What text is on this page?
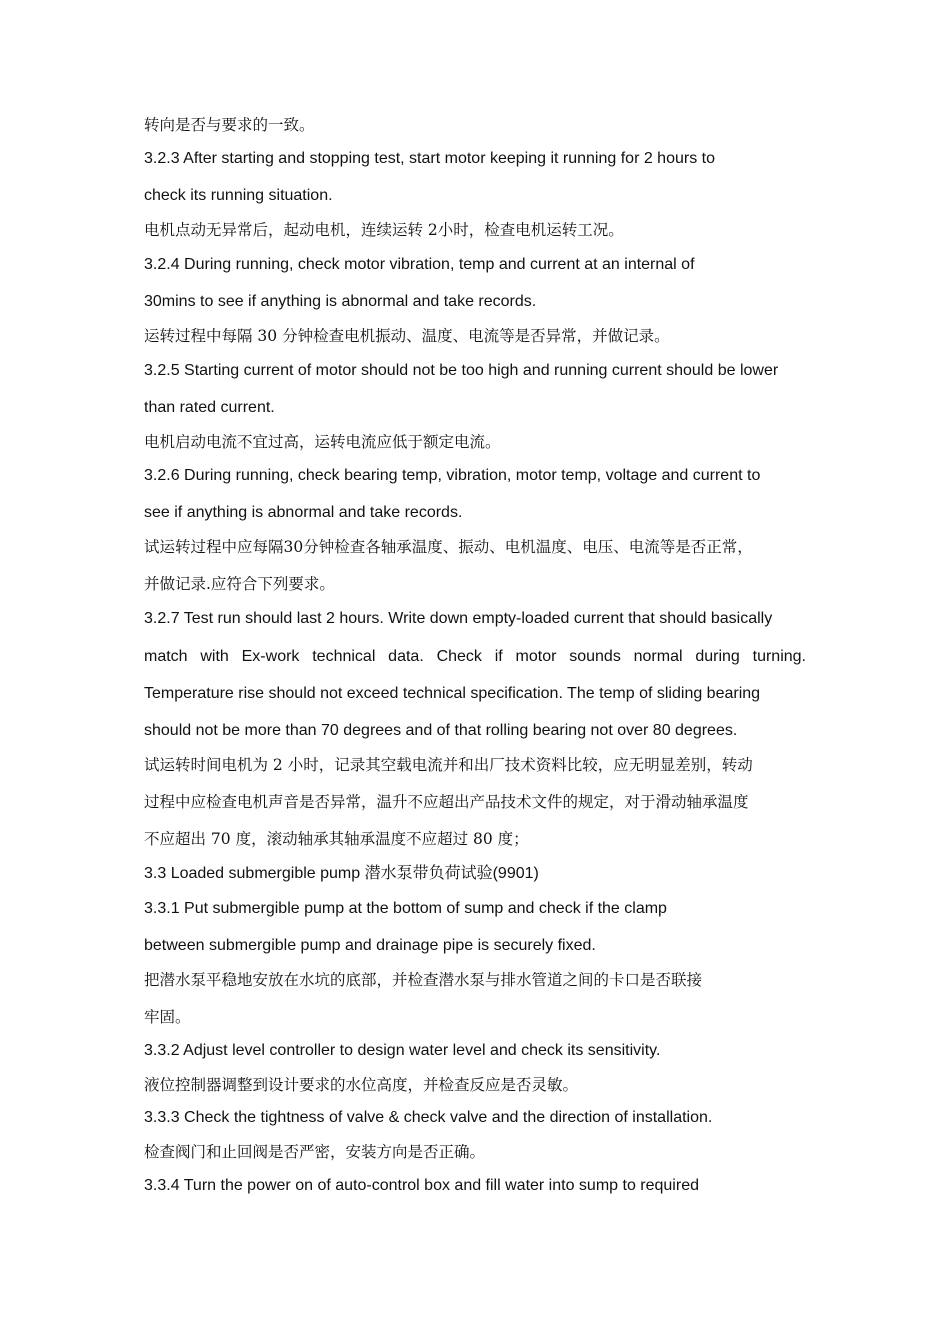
转向是否与要求的一致。
3.2.3 After starting and stopping test, start motor keeping it running for 2 hours to
check its running situation.
电机点动无异常后，起动电机，连续运转 2小时，检查电机运转工况。
3.2.4 During running, check motor vibration, temp and current at an internal of
30mins to see if anything is abnormal and take records.
运转过程中每隔 30 分钟检查电机振动、温度、电流等是否异常，并做记录。
3.2.5 Starting current of motor should not be too high and running current should be lower
than rated current.
电机启动电流不宜过高，运转电流应低于额定电流。
3.2.6 During running, check bearing temp, vibration, motor temp, voltage and current to
see if anything is abnormal and take records.
试运转过程中应每隔30分钟检查各轴承温度、振动、电机温度、电压、电流等是否正常，
并做记录.应符合下列要求。
3.2.7 Test run should last 2 hours. Write down empty-loaded current that should basically
match with Ex-work technical data. Check if motor sounds normal during turning.
Temperature rise should not exceed technical specification. The temp of sliding bearing
should not be more than 70 degrees and of that rolling bearing not over 80 degrees.
试运转时间电机为 2 小时，记录其空载电流并和出厂技术资料比较，应无明显差别，转动
过程中应检查电机声音是否异常，温升不应超出产品技术文件的规定，对于滑动轴承温度
不应超出 70 度，滚动轴承其轴承温度不应超过 80 度；
3.3 Loaded submergible pump 潜水泵带负荷试验(9901)
3.3.1 Put submergible pump at the bottom of sump and check if the clamp
between submergible pump and drainage pipe is securely fixed.
把潜水泵平稳地安放在水坑的底部，并检查潜水泵与排水管道之间的卡口是否联接
牢固。
3.3.2 Adjust level controller to design water level and check its sensitivity.
液位控制器调整到设计要求的水位高度，并检查反应是否灵敏。
3.3.3 Check the tightness of valve & check valve and the direction of installation.
检查阀门和止回阀是否严密，安装方向是否正确。
3.3.4 Turn the power on of auto-control box and fill water into sump to required
